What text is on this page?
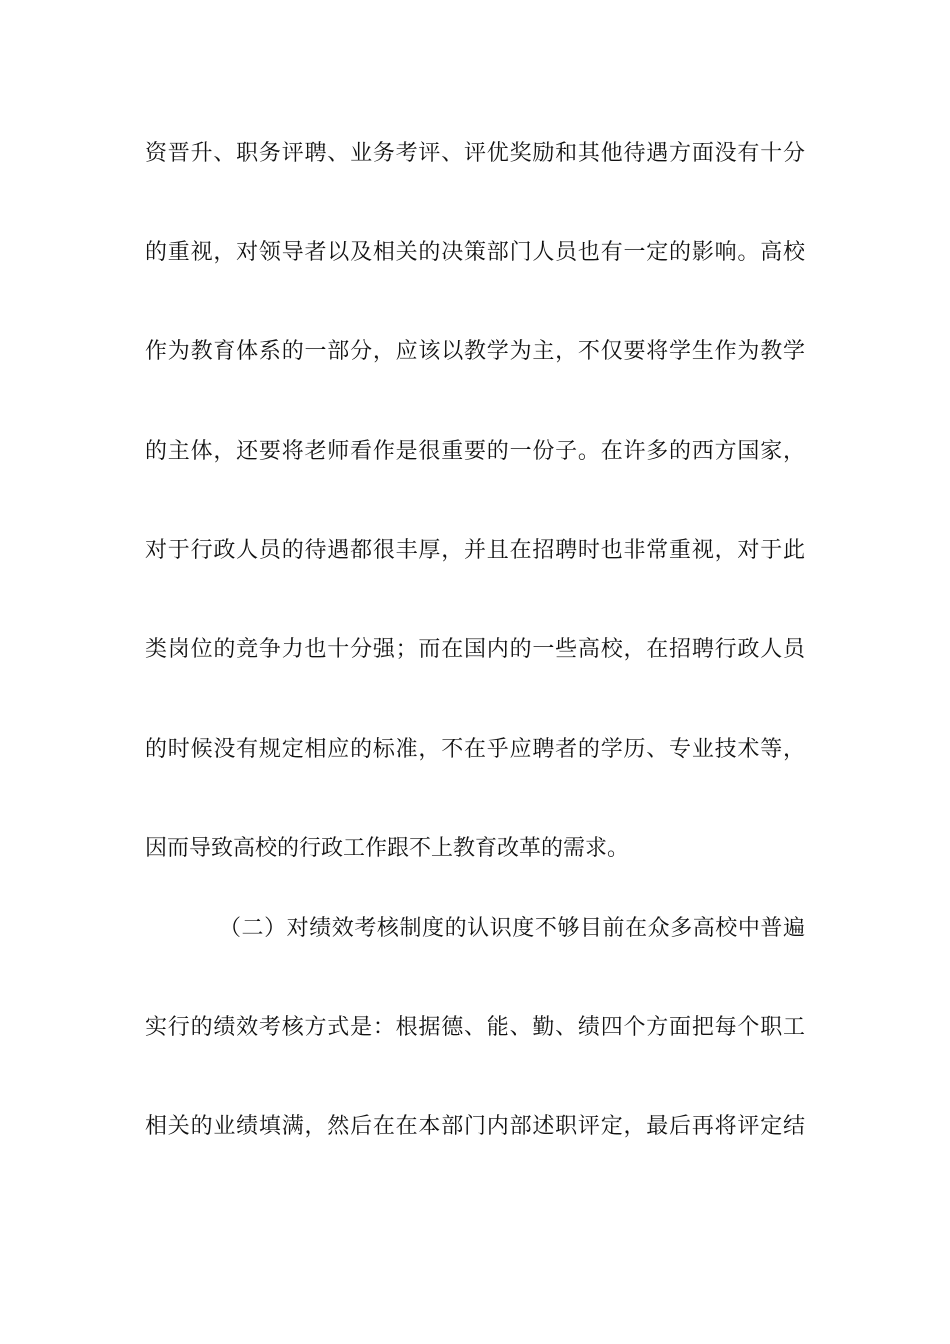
资晋升、职务评聘、业务考评、评优奖励和其他待遇方面没有十分
的重视，对领导者以及相关的决策部门人员也有一定的影响。高校
作为教育体系的一部分，应该以教学为主，不仅要将学生作为教学
的主体，还要将老师看作是很重要的一份子。在许多的西方国家，
对于行政人员的待遇都很丰厚，并且在招聘时也非常重视，对于此
类岗位的竞争力也十分强；而在国内的一些高校，在招聘行政人员
的时候没有规定相应的标准，不在乎应聘者的学历、专业技术等，
因而导致高校的行政工作跟不上教育改革的需求。
（二）对绩效考核制度的认识度不够目前在众多高校中普遍
实行的绩效考核方式是：根据德、能、勤、绩四个方面把每个职工
相关的业绩填满，然后在在本部门内部述职评定，最后再将评定结
